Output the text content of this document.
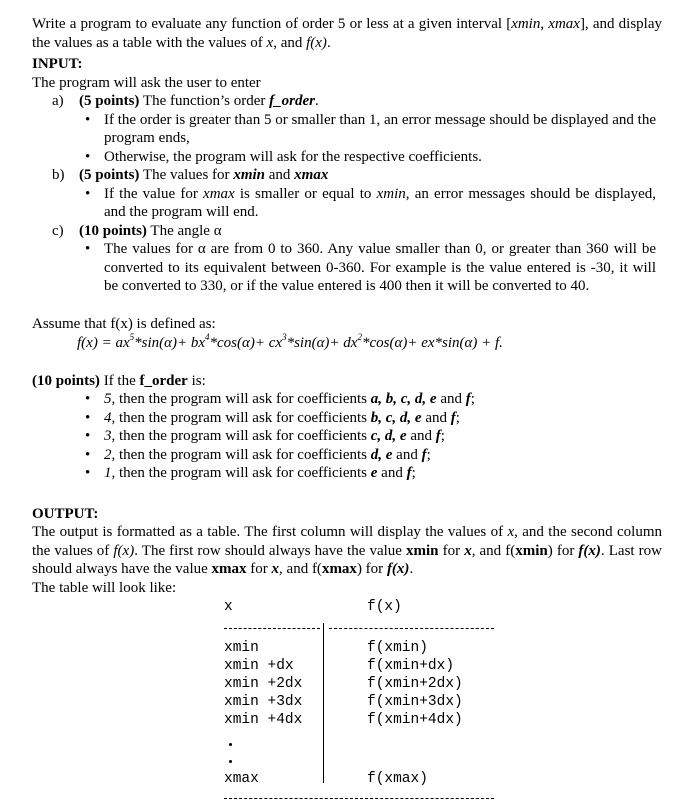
Write a program to evaluate any function of order 5 or less at a given interval [xmin, xmax], and display the values as a table with the values of x, and f(x).

INPUT:

The program will ask the user to enter

a)	(5 points) The function’s order f_order.
• If the order is greater than 5 or smaller than 1, an error message should be displayed and the program ends,
• Otherwise, the program will ask for the respective coefficients.
b) (5 points) The values for xmin and xmax
• If the value for xmax is smaller or equal to xmin, an error messages should be displayed, and the program will end.
c)	(10 points) The angle α
• The values for α are from 0 to 360. Any value smaller than 0, or greater than 360 will be converted to its equivalent between 0-360. For example is the value entered is -30, it will be converted to 330, or if the value entered is 400 then it will be converted to 40.

Assume that f(x) is defined as:

$f(x) = ax^5*\sin(\alpha)+ bx^4*\cos(\alpha)+ cx^3*\sin(\alpha)+ dx^2*\cos(\alpha)+ ex*\sin(\alpha) + f$.

(10 points) If the f_order is:

• 5, then the program will ask for coefficients a, b, c, d, e and f;
• 4, then the program will ask for coefficients b, c, d, e and f;
• 3, then the program will ask for coefficients c, d, e and f;
• 2, then the program will ask for coefficients d, e and f;
• 1, then the program will ask for coefficients e and f;

OUTPUT:

The output is formatted as a table. The first column will display the values of x, and the second column the values of f(x). The first row should always have the value xmin for x, and f(xmin) for f(x). Last row should always have the value xmax for x, and f(xmax) for f(x).

The table will look like:

x	f(x)
xmin	f(xmin)
xmin +dx	f(xmin+dx)
xmin +2dx	f(xmin+2dx)
xmin +3dx	f(xmin+3dx)
xmin +4dx	f(xmin+4dx)
xmax	f(xmax)
